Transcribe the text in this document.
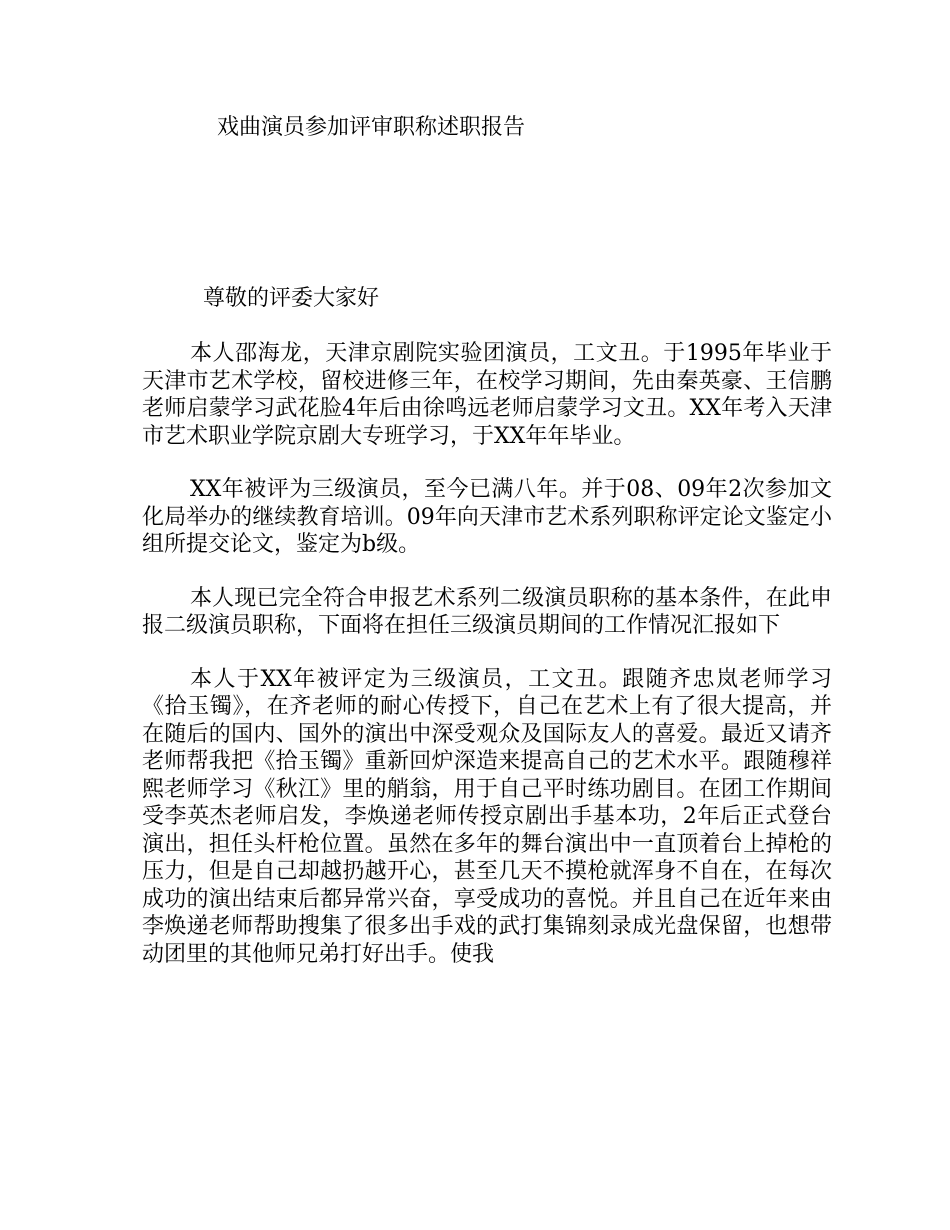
戏曲演员参加评审职称述职报告

尊敬的评委大家好

本人邵海龙，天津京剧院实验团演员，工文丑。于1995年毕业于天津市艺术学校，留校进修三年，在校学习期间，先由秦英豪、王信鹏老师启蒙学习武花脸4年后由徐鸣远老师启蒙学习文丑。XX年考入天津市艺术职业学院京剧大专班学习，于XX年年毕业。

XX年被评为三级演员，至今已满八年。并于08、09年2次参加文化局举办的继续教育培训。09年向天津市艺术系列职称评定论文鉴定小组所提交论文，鉴定为b级。

本人现已完全符合申报艺术系列二级演员职称的基本条件，在此申报二级演员职称，下面将在担任三级演员期间的工作情况汇报如下

本人于XX年被评定为三级演员，工文丑。跟随齐忠岚老师学习《拾玉镯》，在齐老师的耐心传授下，自己在艺术上有了很大提高，并在随后的国内、国外的演出中深受观众及国际友人的喜爱。最近又请齐老师帮我把《拾玉镯》重新回炉深造来提高自己的艺术水平。跟随穆祥熙老师学习《秋江》里的艄翁，用于自己平时练功剧目。在团工作期间受李英杰老师启发，李焕递老师传授京剧出手基本功，2年后正式登台演出，担任头杆枪位置。虽然在多年的舞台演出中一直顶着台上掉枪的压力，但是自己却越扔越开心，甚至几天不摸枪就浑身不自在，在每次成功的演出结束后都异常兴奋，享受成功的喜悦。并且自己在近年来由李焕递老师帮助搜集了很多出手戏的武打集锦刻录成光盘保留，也想带动团里的其他师兄弟打好出手。使我
